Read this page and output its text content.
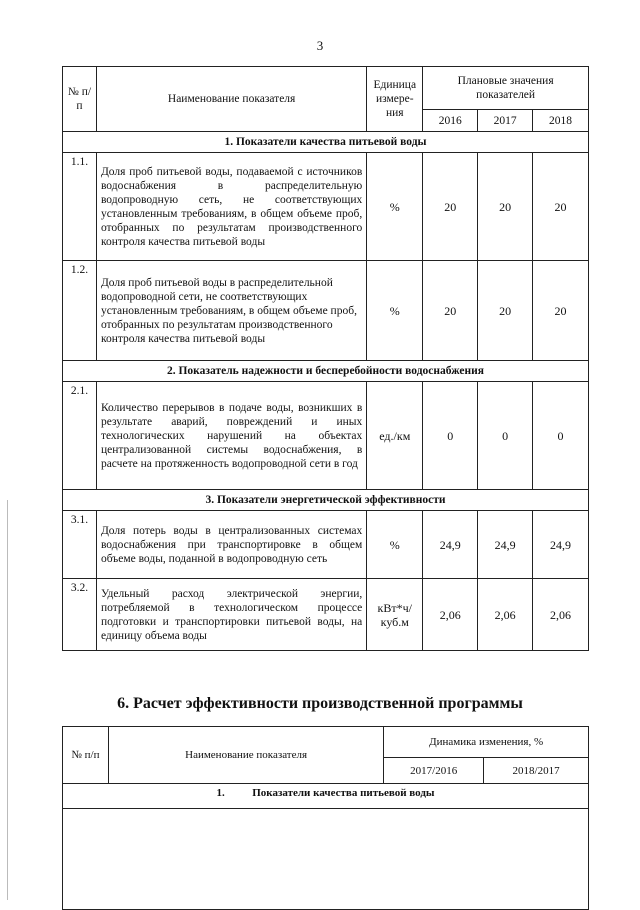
3
№ п/п	Наименование показателя	Единица измере-ния	Плановые значения показателей		
			2016	2017	2018
1. Показатели качества питьевой воды					
1.1.	Доля проб питьевой воды, подаваемой с источников водоснабжения в распределительную водопроводную сеть, не соответствующих установленным требованиям, в общем объеме проб, отобранных по результатам производственного контроля качества питьевой воды	%	20	20	20
1.2.	Доля проб питьевой воды в распределительной водопроводной сети, не соответствующих установленным требованиям, в общем объеме проб, отобранных по результатам производственного контроля качества питьевой воды	%	20	20	20
2. Показатель надежности и бесперебойности водоснабжения					
2.1.	Количество перерывов в подаче воды, возникших в результате аварий, повреждений и иных технологических нарушений на объектах централизованной системы водоснабжения, в расчете на протяженность водопроводной сети в год	ед./км	0	0	0
3. Показатели энергетической эффективности					
3.1.	Доля потерь воды в централизованных системах водоснабжения при транспортировке в общем объеме воды, поданной в водопроводную сеть	%	24,9	24,9	24,9
3.2.	Удельный расход электрической энергии, потребляемой в технологическом процессе подготовки и транспортировки питьевой воды, на единицу объема воды	кВт*ч/ куб.м	2,06	2,06	2,06
6. Расчет эффективности производственной программы
№ п/п	Наименование показателя	Динамика изменения, %	
		2017/2016	2018/2017
1.          Показатели качества питьевой воды			
